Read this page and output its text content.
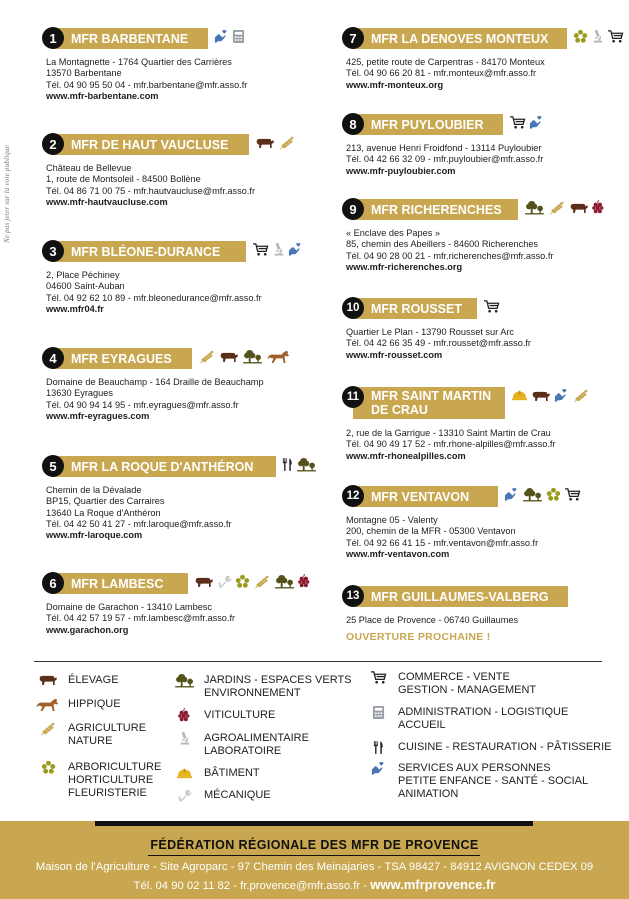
Ne pas jeter sur la voie publique
1	MFR BARBENTANE
La Montagnette - 1764 Quartier des Carrières
13570 Barbentane
Tél. 04 90 95 50 04 - mfr.barbentane@mfr.asso.fr
www.mfr-barbentane.com
2	MFR DE HAUT VAUCLUSE
Château de Bellevue
1, route de Montsoleil - 84500 Bollène
Tél. 04 86 71 00 75 - mfr.hautvaucluse@mfr.asso.fr
www.mfr-hautvaucluse.com
3	MFR BLÉONE-DURANCE
2, Place Péchiney
04600 Saint-Auban
Tél. 04 92 62 10 89 - mfr.bleonedurance@mfr.asso.fr
www.mfr04.fr
4	MFR EYRAGUES
Domaine de Beauchamp - 164 Draille de Beauchamp
13630 Eyragues
Tél. 04 90 94 14 95 - mfr.eyragues@mfr.asso.fr
www.mfr-eyragues.com
5	MFR LA ROQUE D'ANTHÉRON
Chemin de la Dévalade
BP15, Quartier des Carraires
13640 La Roque d'Anthéron
Tél. 04 42 50 41 27 - mfr.laroque@mfr.asso.fr
www.mfr-laroque.com
6	MFR LAMBESC
Domaine de Garachon - 13410 Lambesc
Tél. 04 42 57 19 57 - mfr.lambesc@mfr.asso.fr
www.garachon.org
7	MFR LA DENOVES MONTEUX
425, petite route de Carpentras - 84170 Monteux
Tél. 04 90 66 20 81 - mfr.monteux@mfr.asso.fr
www.mfr-monteux.org
8	MFR PUYLOUBIER
213, avenue Henri Froidfond - 13114 Puyloubier
Tél. 04 42 66 32 09 - mfr.puyloubier@mfr.asso.fr
www.mfr-puyloubier.com
9	MFR RICHERENCHES
« Enclave des Papes »
85, chemin des Abeillers - 84600 Richerenches
Tél. 04 90 28 00 21 - mfr.richerenches@mfr.asso.fr
www.mfr-richerenches.org
10 MFR ROUSSET
Quartier Le Plan - 13790 Rousset sur Arc
Tél. 04 42 66 35 49 - mfr.rousset@mfr.asso.fr
www.mfr-rousset.com
11 MFR SAINT MARTIN
DE CRAU
2, rue de la Garrigue - 13310 Saint Martin de Crau
Tél. 04 90 49 17 52 - mfr.rhone-alpilles@mfr.asso.fr
www.mfr-rhonealpilles.com
12 MFR VENTAVON
Montagne 05 - Valenty
200, chemin de la MFR - 05300 Ventavon
Tél. 04 92 66 41 15 - mfr.ventavon@mfr.asso.fr
www.mfr-ventavon.com
13 MFR GUILLAUMES-VALBERG
25 Place de Provence - 06740 Guillaumes
OUVERTURE PROCHAINE !
ÉLEVAGE
HIPPIQUE
AGRICULTURE
NATURE
ARBORICULTURE
HORTICULTURE
FLEURISTERIE
JARDINS - ESPACES VERTS
ENVIRONNEMENT
VITICULTURE
AGROALIMENTAIRE
LABORATOIRE
BÂTIMENT
MÉCANIQUE
COMMERCE - VENTE
GESTION - MANAGEMENT
ADMINISTRATION - LOGISTIQUE
ACCUEIL
CUISINE - RESTAURATION - PÂTISSERIE
SERVICES AUX PERSONNES
PETITE ENFANCE - SANTÉ - SOCIAL
ANIMATION
FÉDÉRATION RÉGIONALE DES MFR DE PROVENCE
Maison de l'Agriculture - Site Agroparc - 97 Chemin des Meinajaries - TSA 98427 - 84912 AVIGNON CEDEX 09
Tél. 04 90 02 11 82 - fr.provence@mfr.asso.fr - www.mfrprovence.fr
